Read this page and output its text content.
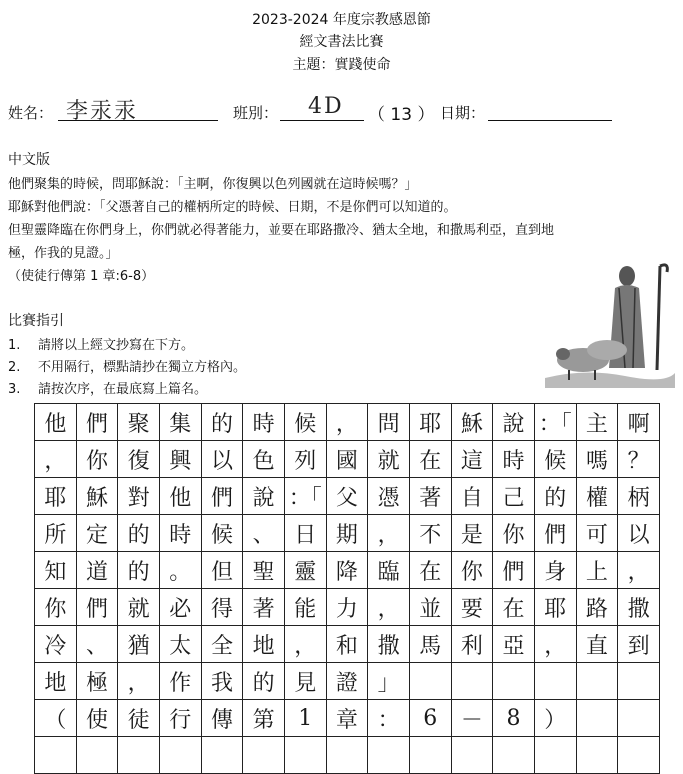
2023-2024 年度宗教感恩節
經文書法比賽
主題：實踐使命
姓名： 李汞汞	班別： 4D （ 13 ） 日期：
中文版
他們聚集的時候，問耶穌說：「主啊，你復興以色列國就在這時候嗎？」
耶穌對他們說：「父憑著自己的權柄所定的時候、日期，不是你們可以知道的。
但聖靈降臨在你們身上，你們就必得著能力，並要在耶路撒冷、猶太全地，和撒馬利亞，直到地
極，作我的見證。」
（使徒行傳第 1 章:6-8）
比賽指引
1. 請將以上經文抄寫在下方。
2. 不用隔行，標點請抄在獨立方格內。
3. 請按次序，在最底寫上篇名。
他	們	聚	集	的	時	候	，	問	耶	穌	說	：「	主	啊
，	你	復	興	以	色	列	國	就	在	這	時	候	嗎	？
耶	穌	對	他	們	說	：「	父	憑	著	自	己	的	權	柄
所	定	的	時	候	、	日	期	，	不	是	你	們	可	以
知	道	的	。	但	聖	靈	降	臨	在	你	們	身	上	，
你	們	就	必	得	著	能	力	，	並	要	在	耶	路	撒
冷	、	猶	太	全	地	，	和	撒	馬	利	亞	，	直	到
地	極	，	作	我	的	見	證	」						
（	使	徒	行	傳	第	1	章	：	6	－	8	）		
